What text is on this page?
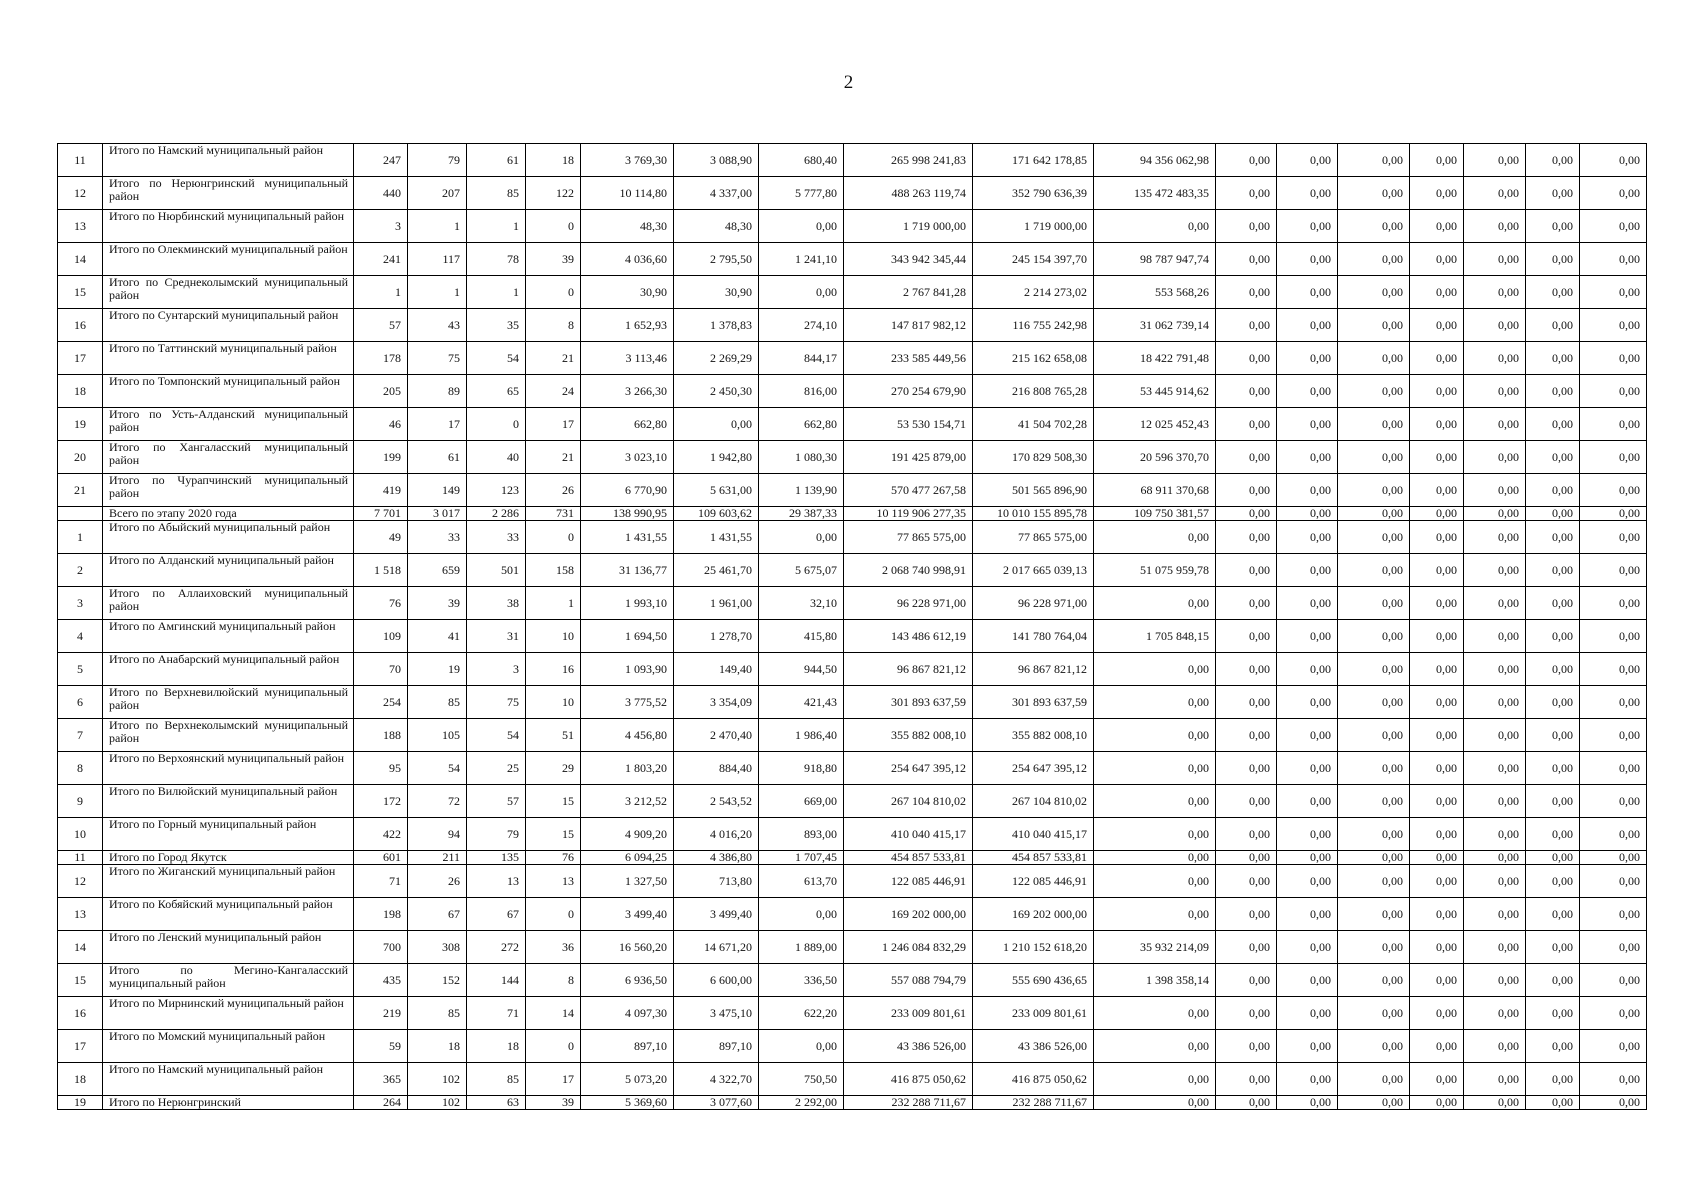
2
11	Итого по Намский муниципальный район	247	79	61	18	3 769,30	3 088,90	680,40	265 998 241,83	171 642 178,85	94 356 062,98	0,00	0,00	0,00	0,00	0,00	0,00	0,00
12	Итого по Нерюнгринский муниципальный район	440	207	85	122	10 114,80	4 337,00	5 777,80	488 263 119,74	352 790 636,39	135 472 483,35	0,00	0,00	0,00	0,00	0,00	0,00	0,00
13	Итого по Нюрбинский муниципальный район	3	1	1	0	48,30	48,30	0,00	1 719 000,00	1 719 000,00	0,00	0,00	0,00	0,00	0,00	0,00	0,00	0,00
14	Итого по Олекминский муниципальный район	241	117	78	39	4 036,60	2 795,50	1 241,10	343 942 345,44	245 154 397,70	98 787 947,74	0,00	0,00	0,00	0,00	0,00	0,00	0,00
15	Итого по Среднеколымский муниципальный район	1	1	1	0	30,90	30,90	0,00	2 767 841,28	2 214 273,02	553 568,26	0,00	0,00	0,00	0,00	0,00	0,00	0,00
16	Итого по Сунтарский муниципальный район	57	43	35	8	1 652,93	1 378,83	274,10	147 817 982,12	116 755 242,98	31 062 739,14	0,00	0,00	0,00	0,00	0,00	0,00	0,00
17	Итого по Таттинский муниципальный район	178	75	54	21	3 113,46	2 269,29	844,17	233 585 449,56	215 162 658,08	18 422 791,48	0,00	0,00	0,00	0,00	0,00	0,00	0,00
18	Итого по Томпонский муниципальный район	205	89	65	24	3 266,30	2 450,30	816,00	270 254 679,90	216 808 765,28	53 445 914,62	0,00	0,00	0,00	0,00	0,00	0,00	0,00
19	Итого по Усть-Алданский муниципальный район	46	17	0	17	662,80	0,00	662,80	53 530 154,71	41 504 702,28	12 025 452,43	0,00	0,00	0,00	0,00	0,00	0,00	0,00
20	Итого по Хангаласский муниципальный район	199	61	40	21	3 023,10	1 942,80	1 080,30	191 425 879,00	170 829 508,30	20 596 370,70	0,00	0,00	0,00	0,00	0,00	0,00	0,00
21	Итого по Чурапчинский муниципальный район	419	149	123	26	6 770,90	5 631,00	1 139,90	570 477 267,58	501 565 896,90	68 911 370,68	0,00	0,00	0,00	0,00	0,00	0,00	0,00
	Всего по этапу 2020 года	7 701	3 017	2 286	731	138 990,95	109 603,62	29 387,33	10 119 906 277,35	10 010 155 895,78	109 750 381,57	0,00	0,00	0,00	0,00	0,00	0,00	0,00
1	Итого по Абыйский муниципальный район	49	33	33	0	1 431,55	1 431,55	0,00	77 865 575,00	77 865 575,00	0,00	0,00	0,00	0,00	0,00	0,00	0,00	0,00
2	Итого по Алданский муниципальный район	1 518	659	501	158	31 136,77	25 461,70	5 675,07	2 068 740 998,91	2 017 665 039,13	51 075 959,78	0,00	0,00	0,00	0,00	0,00	0,00	0,00
3	Итого по Аллаиховский муниципальный район	76	39	38	1	1 993,10	1 961,00	32,10	96 228 971,00	96 228 971,00	0,00	0,00	0,00	0,00	0,00	0,00	0,00	0,00
4	Итого по Амгинский муниципальный район	109	41	31	10	1 694,50	1 278,70	415,80	143 486 612,19	141 780 764,04	1 705 848,15	0,00	0,00	0,00	0,00	0,00	0,00	0,00
5	Итого по Анабарский муниципальный район	70	19	3	16	1 093,90	149,40	944,50	96 867 821,12	96 867 821,12	0,00	0,00	0,00	0,00	0,00	0,00	0,00	0,00
6	Итого по Верхневилюйский муниципальный район	254	85	75	10	3 775,52	3 354,09	421,43	301 893 637,59	301 893 637,59	0,00	0,00	0,00	0,00	0,00	0,00	0,00	0,00
7	Итого по Верхнеколымский муниципальный район	188	105	54	51	4 456,80	2 470,40	1 986,40	355 882 008,10	355 882 008,10	0,00	0,00	0,00	0,00	0,00	0,00	0,00	0,00
8	Итого по Верхоянский муниципальный район	95	54	25	29	1 803,20	884,40	918,80	254 647 395,12	254 647 395,12	0,00	0,00	0,00	0,00	0,00	0,00	0,00	0,00
9	Итого по Вилюйский муниципальный район	172	72	57	15	3 212,52	2 543,52	669,00	267 104 810,02	267 104 810,02	0,00	0,00	0,00	0,00	0,00	0,00	0,00	0,00
10	Итого по Горный муниципальный район	422	94	79	15	4 909,20	4 016,20	893,00	410 040 415,17	410 040 415,17	0,00	0,00	0,00	0,00	0,00	0,00	0,00	0,00
11	Итого по Город Якутск	601	211	135	76	6 094,25	4 386,80	1 707,45	454 857 533,81	454 857 533,81	0,00	0,00	0,00	0,00	0,00	0,00	0,00	0,00
12	Итого по Жиганский муниципальный район	71	26	13	13	1 327,50	713,80	613,70	122 085 446,91	122 085 446,91	0,00	0,00	0,00	0,00	0,00	0,00	0,00	0,00
13	Итого по Кобяйский муниципальный район	198	67	67	0	3 499,40	3 499,40	0,00	169 202 000,00	169 202 000,00	0,00	0,00	0,00	0,00	0,00	0,00	0,00	0,00
14	Итого по Ленский муниципальный район	700	308	272	36	16 560,20	14 671,20	1 889,00	1 246 084 832,29	1 210 152 618,20	35 932 214,09	0,00	0,00	0,00	0,00	0,00	0,00	0,00
15	Итого по Мегино-Кангаласский муниципальный район	435	152	144	8	6 936,50	6 600,00	336,50	557 088 794,79	555 690 436,65	1 398 358,14	0,00	0,00	0,00	0,00	0,00	0,00	0,00
16	Итого по Мирнинский муниципальный район	219	85	71	14	4 097,30	3 475,10	622,20	233 009 801,61	233 009 801,61	0,00	0,00	0,00	0,00	0,00	0,00	0,00	0,00
17	Итого по Момский муниципальный район	59	18	18	0	897,10	897,10	0,00	43 386 526,00	43 386 526,00	0,00	0,00	0,00	0,00	0,00	0,00	0,00	0,00
18	Итого по Намский муниципальный район	365	102	85	17	5 073,20	4 322,70	750,50	416 875 050,62	416 875 050,62	0,00	0,00	0,00	0,00	0,00	0,00	0,00	0,00
19	Итого по Нерюнгринский	264	102	63	39	5 369,60	3 077,60	2 292,00	232 288 711,67	232 288 711,67	0,00	0,00	0,00	0,00	0,00	0,00	0,00	0,00
